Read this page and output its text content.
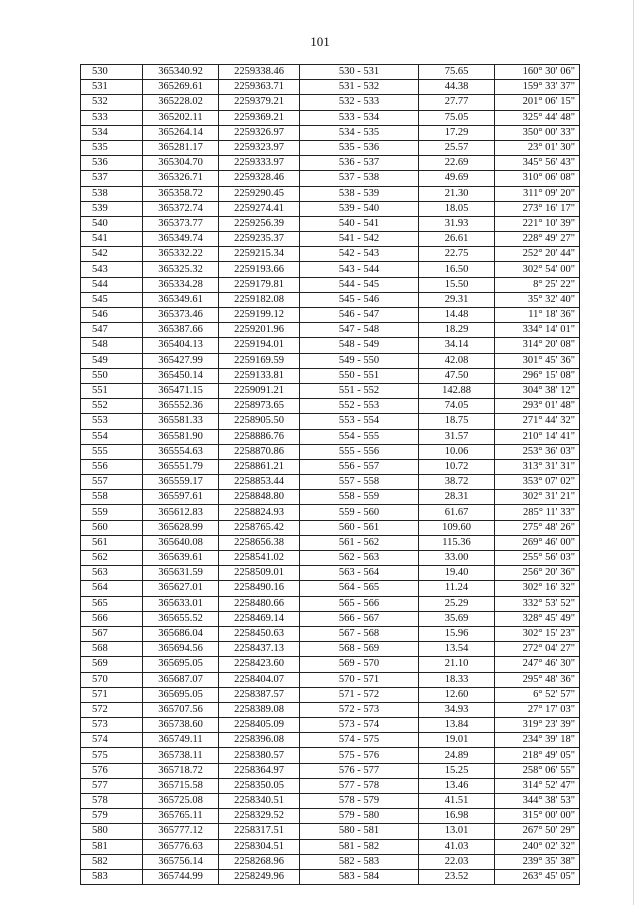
101
530	365340.92	2259338.46	530 - 531	75.65	160° 30' 06"
531	365269.61	2259363.71	531 - 532	44.38	159° 33' 37"
532	365228.02	2259379.21	532 - 533	27.77	201° 06' 15"
533	365202.11	2259369.21	533 - 534	75.05	325° 44' 48"
534	365264.14	2259326.97	534 - 535	17.29	350° 00' 33"
535	365281.17	2259323.97	535 - 536	25.57	23° 01' 30"
536	365304.70	2259333.97	536 - 537	22.69	345° 56' 43"
537	365326.71	2259328.46	537 - 538	49.69	310° 06' 08"
538	365358.72	2259290.45	538 - 539	21.30	311° 09' 20"
539	365372.74	2259274.41	539 - 540	18.05	273° 16' 17"
540	365373.77	2259256.39	540 - 541	31.93	221° 10' 39"
541	365349.74	2259235.37	541 - 542	26.61	228° 49' 27"
542	365332.22	2259215.34	542 - 543	22.75	252° 20' 44"
543	365325.32	2259193.66	543 - 544	16.50	302° 54' 00"
544	365334.28	2259179.81	544 - 545	15.50	8° 25' 22"
545	365349.61	2259182.08	545 - 546	29.31	35° 32' 40"
546	365373.46	2259199.12	546 - 547	14.48	11° 18' 36"
547	365387.66	2259201.96	547 - 548	18.29	334° 14' 01"
548	365404.13	2259194.01	548 - 549	34.14	314° 20' 08"
549	365427.99	2259169.59	549 - 550	42.08	301° 45' 36"
550	365450.14	2259133.81	550 - 551	47.50	296° 15' 08"
551	365471.15	2259091.21	551 - 552	142.88	304° 38' 12"
552	365552.36	2258973.65	552 - 553	74.05	293° 01' 48"
553	365581.33	2258905.50	553 - 554	18.75	271° 44' 32"
554	365581.90	2258886.76	554 - 555	31.57	210° 14' 41"
555	365554.63	2258870.86	555 - 556	10.06	253° 36' 03"
556	365551.79	2258861.21	556 - 557	10.72	313° 31' 31"
557	365559.17	2258853.44	557 - 558	38.72	353° 07' 02"
558	365597.61	2258848.80	558 - 559	28.31	302° 31' 21"
559	365612.83	2258824.93	559 - 560	61.67	285° 11' 33"
560	365628.99	2258765.42	560 - 561	109.60	275° 48' 26"
561	365640.08	2258656.38	561 - 562	115.36	269° 46' 00"
562	365639.61	2258541.02	562 - 563	33.00	255° 56' 03"
563	365631.59	2258509.01	563 - 564	19.40	256° 20' 36"
564	365627.01	2258490.16	564 - 565	11.24	302° 16' 32"
565	365633.01	2258480.66	565 - 566	25.29	332° 53' 52"
566	365655.52	2258469.14	566 - 567	35.69	328° 45' 49"
567	365686.04	2258450.63	567 - 568	15.96	302° 15' 23"
568	365694.56	2258437.13	568 - 569	13.54	272° 04' 27"
569	365695.05	2258423.60	569 - 570	21.10	247° 46' 30"
570	365687.07	2258404.07	570 - 571	18.33	295° 48' 36"
571	365695.05	2258387.57	571 - 572	12.60	6° 52' 57"
572	365707.56	2258389.08	572 - 573	34.93	27° 17' 03"
573	365738.60	2258405.09	573 - 574	13.84	319° 23' 39"
574	365749.11	2258396.08	574 - 575	19.01	234° 39' 18"
575	365738.11	2258380.57	575 - 576	24.89	218° 49' 05"
576	365718.72	2258364.97	576 - 577	15.25	258° 06' 55"
577	365715.58	2258350.05	577 - 578	13.46	314° 52' 47"
578	365725.08	2258340.51	578 - 579	41.51	344° 38' 53"
579	365765.11	2258329.52	579 - 580	16.98	315° 00' 00"
580	365777.12	2258317.51	580 - 581	13.01	267° 50' 29"
581	365776.63	2258304.51	581 - 582	41.03	240° 02' 32"
582	365756.14	2258268.96	582 - 583	22.03	239° 35' 38"
583	365744.99	2258249.96	583 - 584	23.52	263° 45' 05"
